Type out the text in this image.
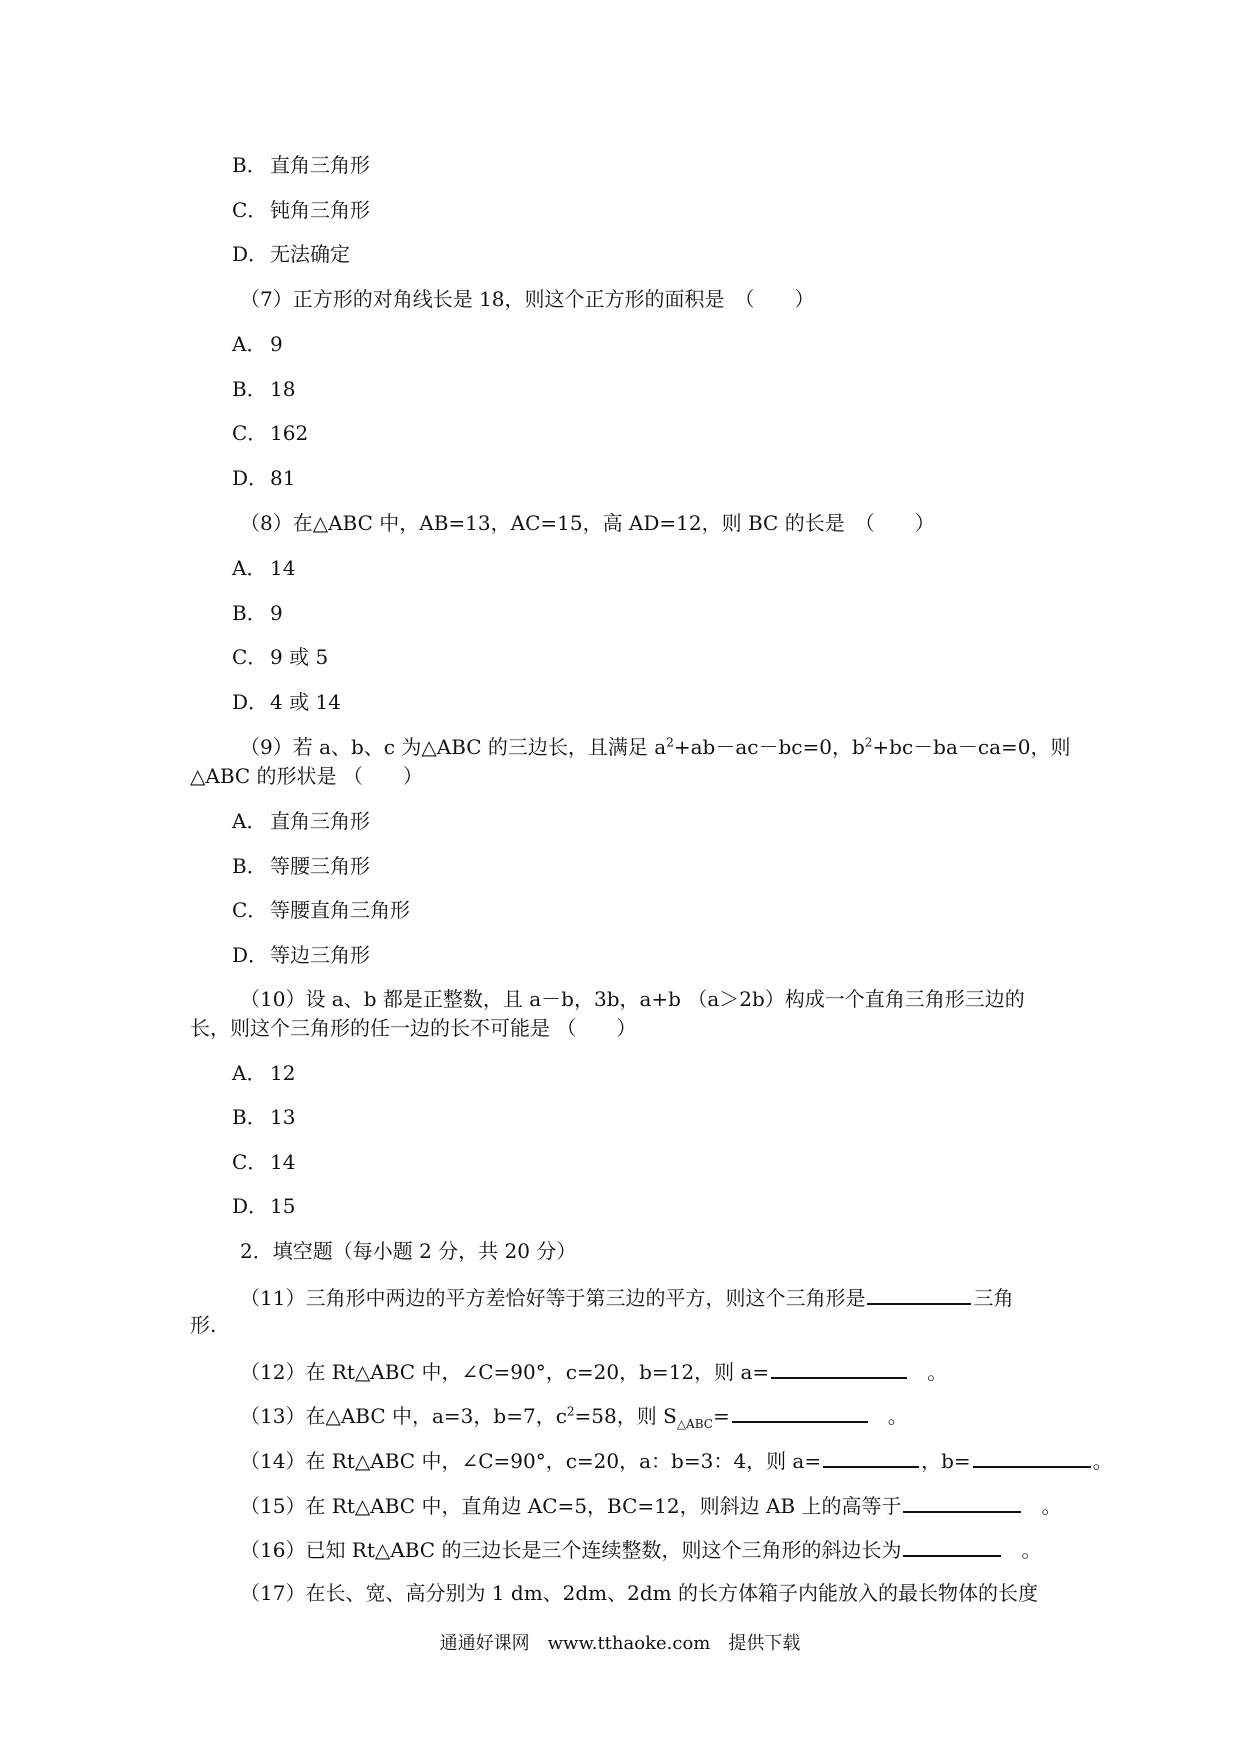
B． 直角三角形
C． 钝角三角形
D．无法确定
（7）正方形的对角线长是 18，则这个正方形的面积是　（　　）
A． 9
B． 18
C． 162
D．81
（8）在△ABC 中，AB=13，AC=15，高 AD=12，则 BC 的长是　（　　）
A． 14
B． 9
C． 9 或 5
D．4 或 14
（9）若 a、b、c 为△ABC 的三边长，且满足 $a^2+ab-ac-bc=0$，$b^2+bc-ba-ca=0$，则
△ABC 的形状是 （　　）
A． 直角三角形
B． 等腰三角形
C． 等腰直角三角形
D．等边三角形
（10）设 a、b 都是正整数，且 a－b，3b，a+b （a＞2b）构成一个直角三角形三边的
长，则这个三角形的任一边的长不可能是 （　　）
A． 12
B． 13
C． 14
D．15
2．填空题（每小题 2 分，共 20 分）
（11）三角形中两边的平方差恰好等于第三边的平方，则这个三角形是	三角
形.
（12）在 Rt△ABC 中，∠C=90°，c=20，b=12，则 a=	。
（13）在△ABC 中，a=3，b=7，$c^2=58$，则 $S_{\triangle ABC}=$	。
（14）在 Rt△ABC 中，∠C=90°，c=20，a：b=3：4，则 a=	，b=	。
（15）在 Rt△ABC 中，直角边 AC=5，BC=12，则斜边 AB 上的高等于	。
（16）已知 Rt△ABC 的三边长是三个连续整数，则这个三角形的斜边长为	。
（17）在长、宽、高分别为 1 dm、2dm、2dm 的长方体箱子内能放入的最长物体的长度
通通好课网　www.tthaoke.com　提供下载
